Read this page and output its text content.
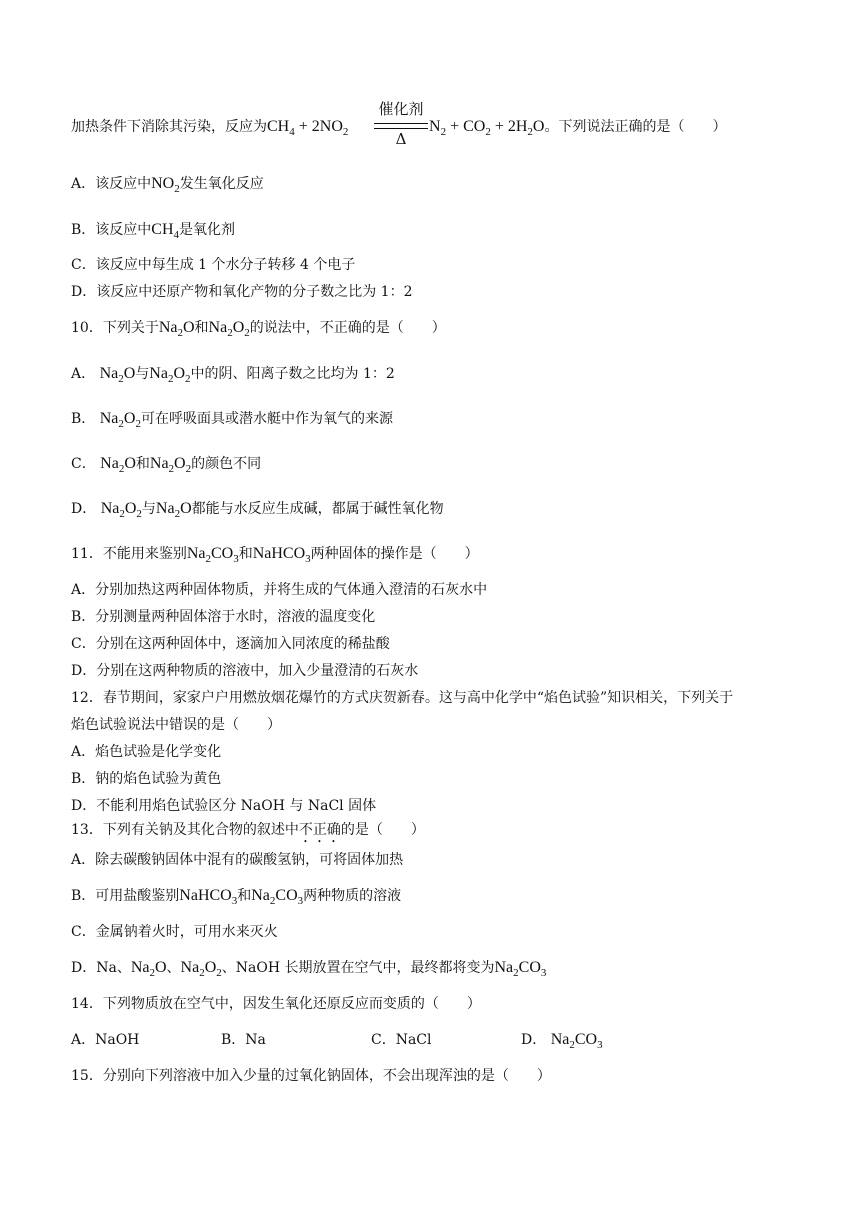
加热条件下消除其污染，反应为$CH_4 + 2NO_2$
催化剂
Δ
$N_2 + CO_2 + 2H_2O$。下列说法正确的是（　　）
A．该反应中$NO_2$发生氧化反应
B．该反应中$CH_4$是氧化剂
C．该反应中每生成 1 个水分子转移 4 个电子
D．该反应中还原产物和氧化产物的分子数之比为 1：2
10．下列关于$Na_2O$和$Na_2O_2$的说法中，不正确的是（　　）
A． $Na_2O$与$Na_2O_2$中的阴、阳离子数之比均为 1：2
B． $Na_2O_2$可在呼吸面具或潜水艇中作为氧气的来源
C． $Na_2O$和$Na_2O_2$的颜色不同
D． $Na_2O_2$与$Na_2O$都能与水反应生成碱，都属于碱性氧化物
11．不能用来鉴别$Na_2CO_3$和NaHCO$_3$两种固体的操作是（　　）
A．分别加热这两种固体物质，并将生成的气体通入澄清的石灰水中
B．分别测量两种固体溶于水时，溶液的温度变化
C．分别在这两种固体中，逐滴加入同浓度的稀盐酸
D．分别在这两种物质的溶液中，加入少量澄清的石灰水
12．春节期间，家家户户用燃放烟花爆竹的方式庆贺新春。这与高中化学中“焰色试验”知识相关，下列关于
焰色试验说法中错误的是（　　）
A．焰色试验是化学变化
B．钠的焰色试验为黄色
D．不能利用焰色试验区分 NaOH 与 NaCl 固体
13．下列有关钠及其化合物的叙述中不正确的是（　　）
A．除去碳酸钠固体中混有的碳酸氢钠，可将固体加热
B．可用盐酸鉴别NaHCO$_3$和$Na_2CO_3$两种物质的溶液
C．金属钠着火时，可用水来灭火
D．Na、$Na_2O$、$Na_2O_2$、NaOH 长期放置在空气中，最终都将变为$Na_2CO_3$
14．下列物质放在空气中，因发生氧化还原反应而变质的（　　）
A．NaOH	B．Na	C．NaCl	D． $Na_2CO_3$
15．分别向下列溶液中加入少量的过氧化钠固体，不会出现浑浊的是（　　）
